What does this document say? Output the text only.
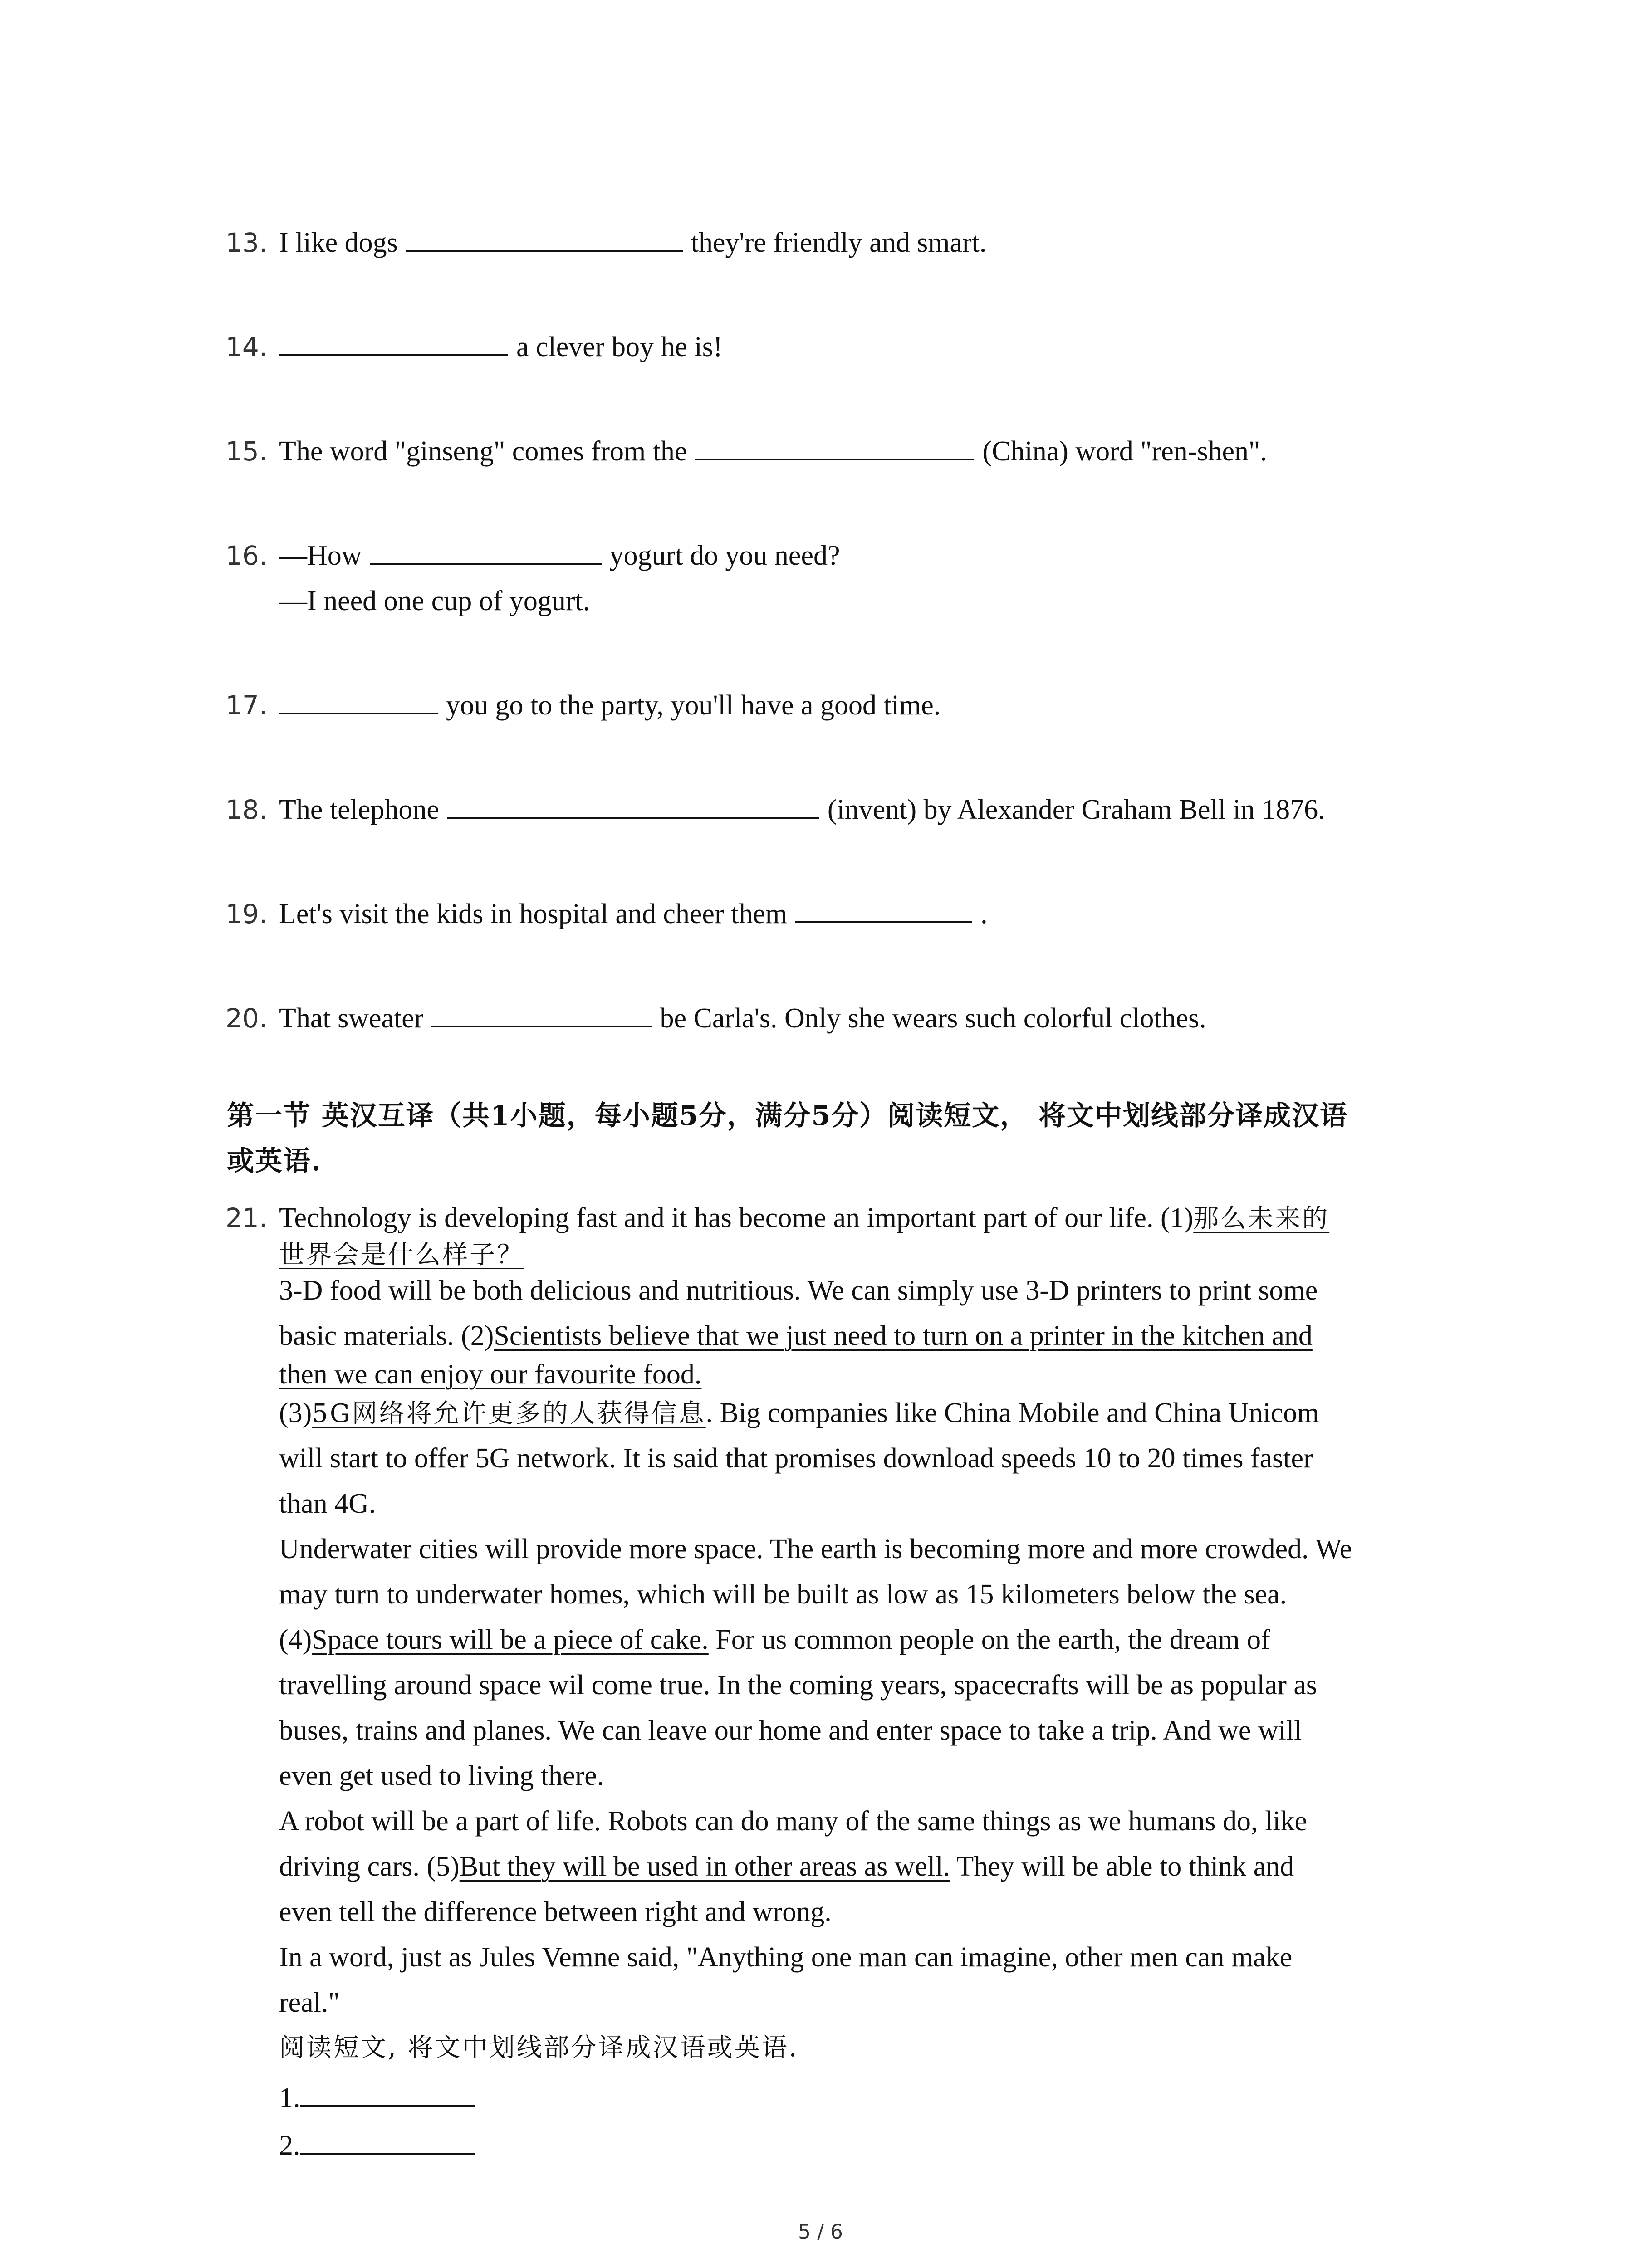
13. I like dogs	they're friendly and smart.
14.	a clever boy he is!
15. The word "ginseng" comes from the	(China) word "ren-shen".
16. —How	yogurt do you need?
—I need one cup of yogurt.
17.	you go to the party, you'll have a good time.
18. The telephone	(invent) by Alexander Graham Bell in 1876.
19. Let's visit the kids in hospital and cheer them	.
20. That sweater	be Carla's. Only she wears such colorful clothes.
第一节 英汉互译（共1小题，每小题5分，满分5分）阅读短文， 将文中划线部分译成汉语
或英语.
21. Technology is developing fast and it has become an important part of our life. (1)那么未来的
世界会是什么样子？
3-D food will be both delicious and nutritious. We can simply use 3-D printers to print some
basic materials. (2)Scientists believe that we just need to turn on a printer in the kitchen and
then we can enjoy our favourite food.
(3)5G网络将允许更多的人获得信息. Big companies like China Mobile and China Unicom
will start to offer 5G network. It is said that promises download speeds 10 to 20 times faster
than 4G.
Underwater cities will provide more space. The earth is becoming more and more crowded. We
may turn to underwater homes, which will be built as low as 15 kilometers below the sea.
(4)Space tours will be a piece of cake. For us common people on the earth, the dream of
travelling around space wil come true. In the coming years, spacecrafts will be as popular as
buses, trains and planes. We can leave our home and enter space to take a trip. And we will
even get used to living there.
A robot will be a part of life. Robots can do many of the same things as we humans do, like
driving cars. (5)But they will be used in other areas as well. They will be able to think and
even tell the difference between right and wrong.
In a word, just as Jules Vemne said, "Anything one man can imagine, other men can make
real."
阅读短文, 将文中划线部分译成汉语或英语.
1.
2.
5 / 6
